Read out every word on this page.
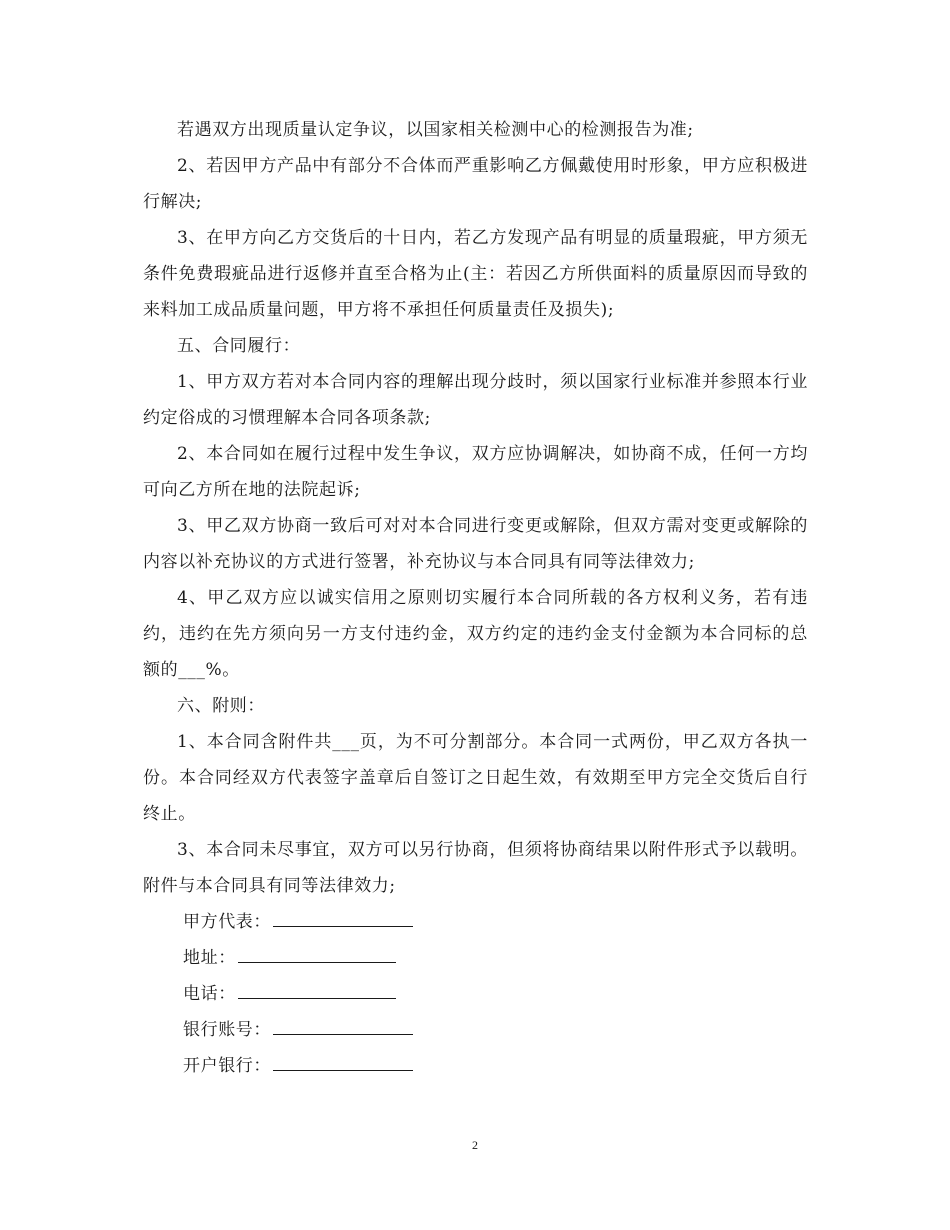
若遇双方出现质量认定争议，以国家相关检测中心的检测报告为准;

2、若因甲方产品中有部分不合体而严重影响乙方佩戴使用时形象，甲方应积极进行解决;

3、在甲方向乙方交货后的十日内，若乙方发现产品有明显的质量瑕疵，甲方须无条件免费瑕疵品进行返修并直至合格为止(主：若因乙方所供面料的质量原因而导致的来料加工成品质量问题，甲方将不承担任何质量责任及损失);

五、合同履行：

1、甲方双方若对本合同内容的理解出现分歧时，须以国家行业标准并参照本行业约定俗成的习惯理解本合同各项条款;

2、本合同如在履行过程中发生争议，双方应协调解决，如协商不成，任何一方均可向乙方所在地的法院起诉;

3、甲乙双方协商一致后可对对本合同进行变更或解除，但双方需对变更或解除的内容以补充协议的方式进行签署，补充协议与本合同具有同等法律效力;

4、甲乙双方应以诚实信用之原则切实履行本合同所载的各方权利义务，若有违约，违约在先方须向另一方支付违约金，双方约定的违约金支付金额为本合同标的总额的___%。

六、附则：

1、本合同含附件共___页，为不可分割部分。本合同一式两份，甲乙双方各执一份。本合同经双方代表签字盖章后自签订之日起生效，有效期至甲方完全交货后自行终止。

3、本合同未尽事宜，双方可以另行协商，但须将协商结果以附件形式予以载明。附件与本合同具有同等法律效力;

甲方代表：

地址：

电话：

银行账号：

开户银行：

2
